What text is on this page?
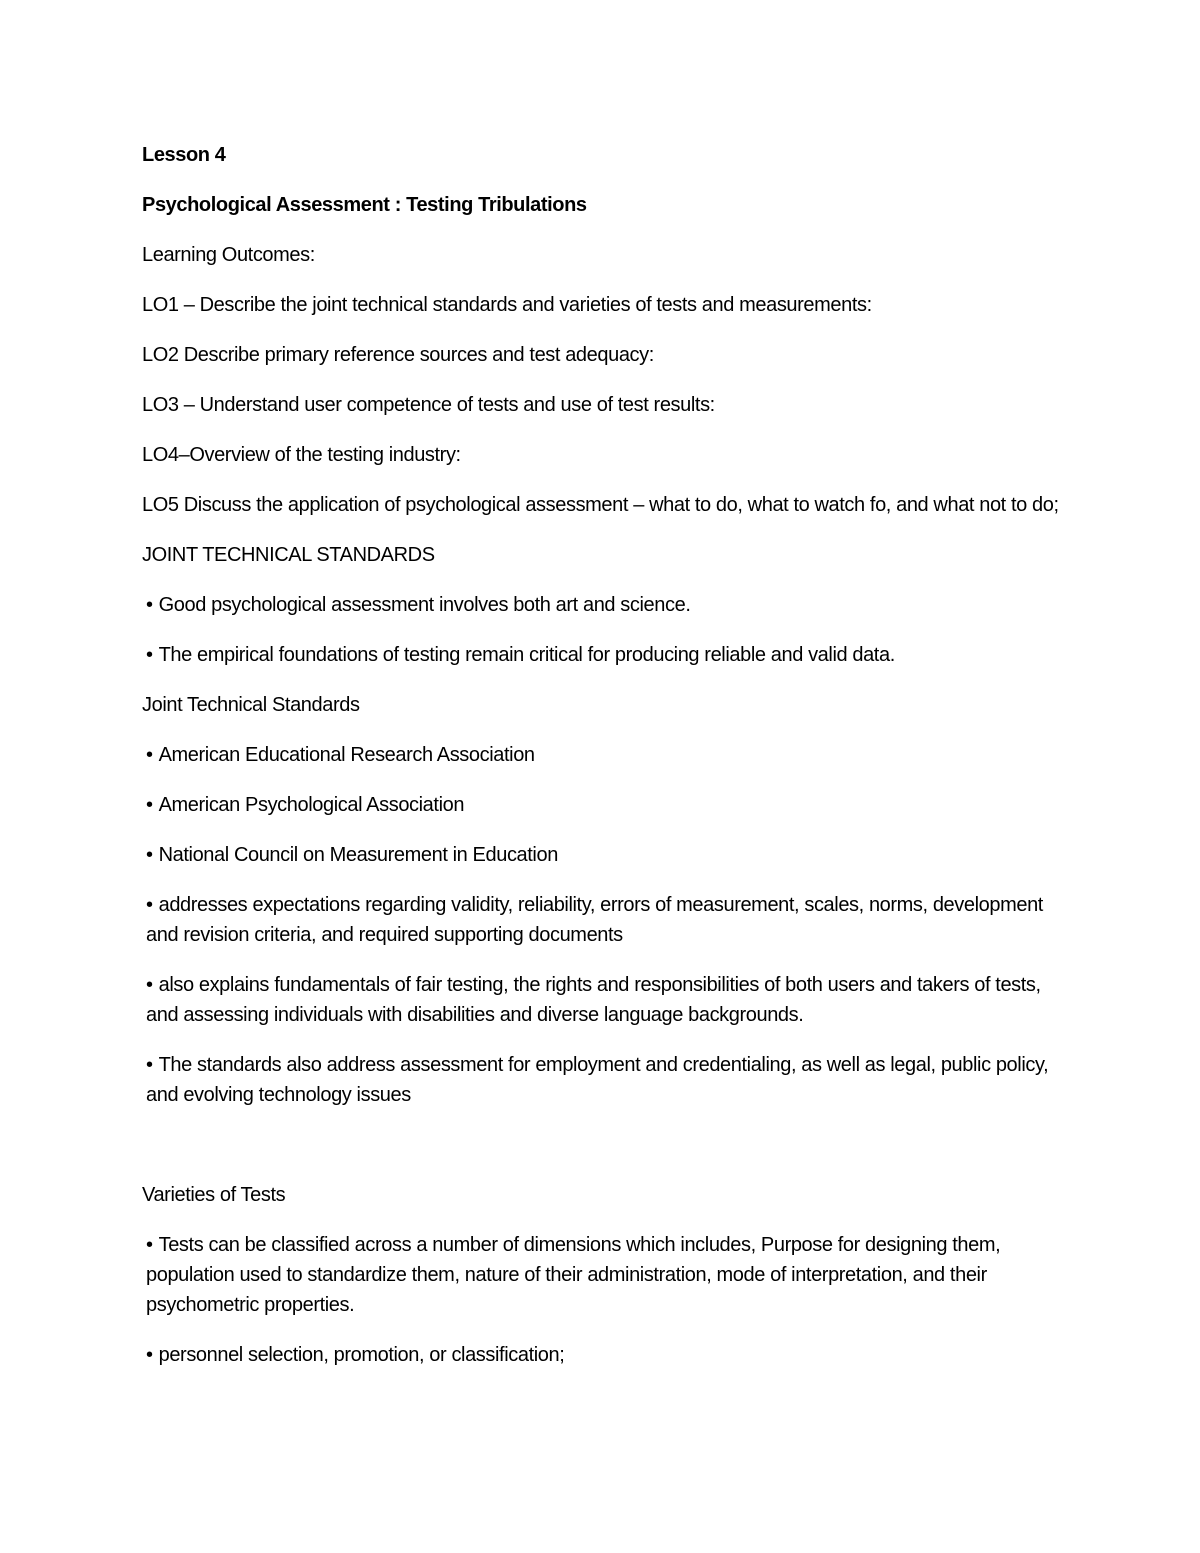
Lesson 4

Psychological Assessment : Testing Tribulations

Learning Outcomes:

LO1 – Describe the joint technical standards and varieties of tests and measurements:

LO2 Describe primary reference sources and test adequacy:

LO3 – Understand user competence of tests and use of test results:

LO4–Overview of the testing industry:

LO5 Discuss the application of psychological assessment – what to do, what to watch fo, and what not to do;

JOINT TECHNICAL STANDARDS

• Good psychological assessment involves both art and science.

• The empirical foundations of testing remain critical for producing reliable and valid data.

Joint Technical Standards

• American Educational Research Association

• American Psychological Association

• National Council on Measurement in Education

• addresses expectations regarding validity, reliability, errors of measurement, scales, norms, development and revision criteria, and required supporting documents

• also explains fundamentals of fair testing, the rights and responsibilities of both users and takers of tests, and assessing individuals with disabilities and diverse language backgrounds.

• The standards also address assessment for employment and credentialing, as well as legal, public policy, and evolving technology issues

Varieties of Tests

• Tests can be classified across a number of dimensions which includes, Purpose for designing them, population used to standardize them, nature of their administration, mode of interpretation, and their psychometric properties.

• personnel selection, promotion, or classification;
